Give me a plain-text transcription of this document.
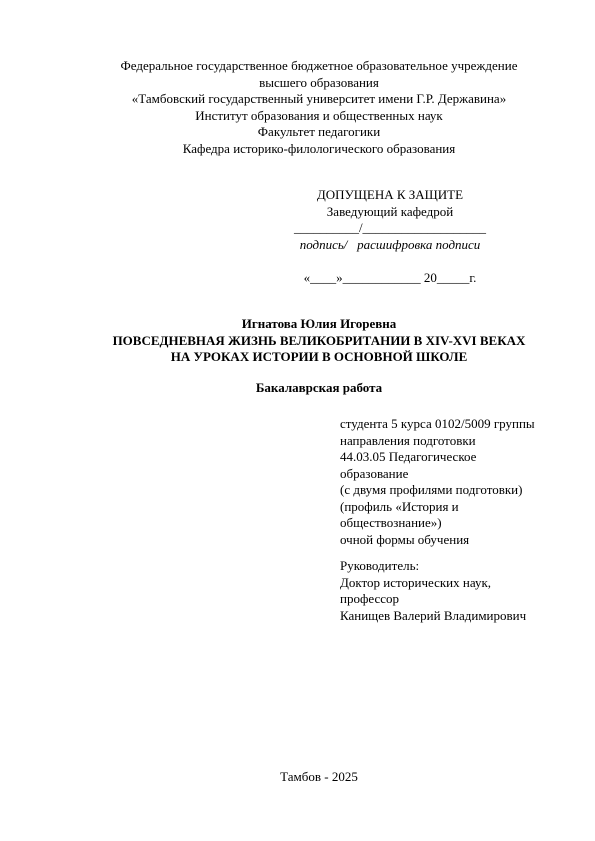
Федеральное государственное бюджетное образовательное учреждение
высшего образования
«Тамбовский государственный университет имени Г.Р. Державина»
Институт образования и общественных наук
Факультет педагогики
Кафедра историко-филологического образования
ДОПУЩЕНА К ЗАЩИТЕ
Заведующий кафедрой
__________/___________________
подпись/   расшифровка подписи
«____»____________ 20_____г.
Игнатова Юлия Игоревна
ПОВСЕДНЕВНАЯ ЖИЗНЬ ВЕЛИКОБРИТАНИИ В XIV-XVI ВЕКАХ
НА УРОКАХ ИСТОРИИ В ОСНОВНОЙ ШКОЛЕ
Бакалаврская работа
студента 5 курса 0102/5009 группы
направления подготовки
44.03.05 Педагогическое
образование
(с двумя профилями подготовки)
(профиль «История и
обществознание»)
очной формы обучения
Руководитель:
Доктор исторических наук,
профессор
Канищев Валерий Владимирович
Тамбов - 2025
